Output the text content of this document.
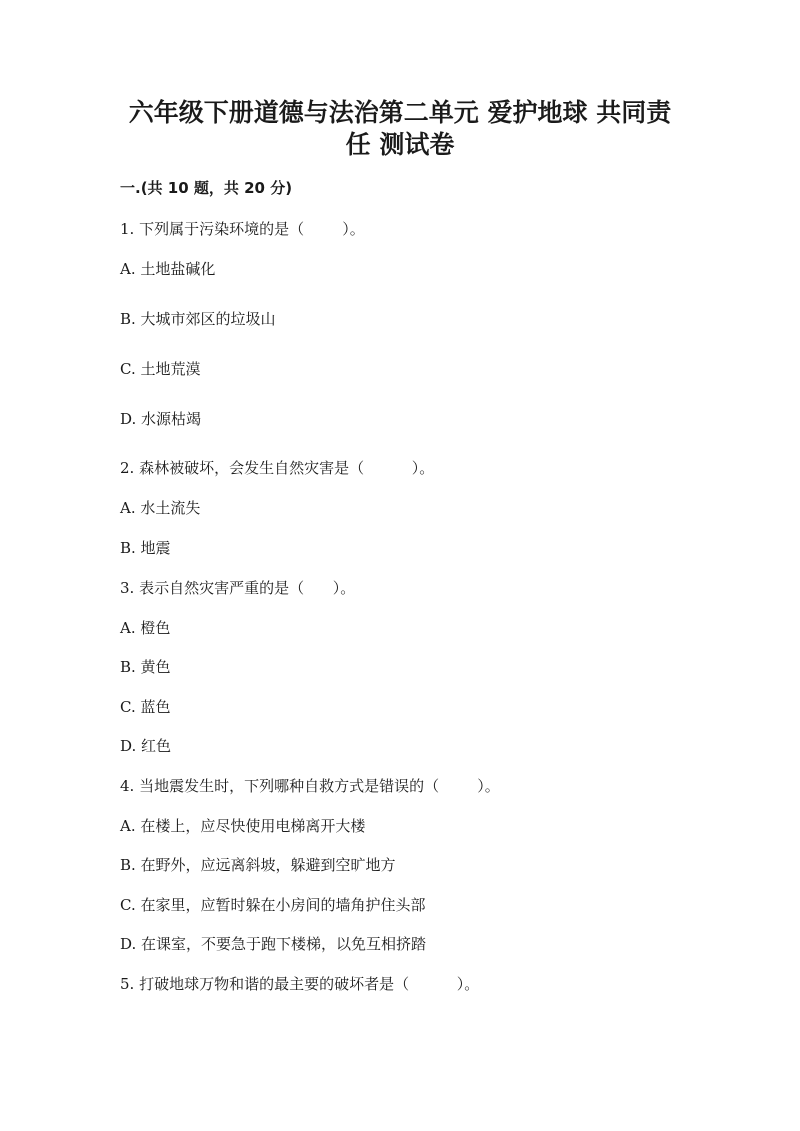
六年级下册道德与法治第二单元 爱护地球 共同责
任 测试卷
一.(共 10 题，共 20 分)
1. 下列属于污染环境的是（        ）。
A. 土地盐碱化
B. 大城市郊区的垃圾山
C. 土地荒漠
D. 水源枯竭
2. 森林被破坏，会发生自然灾害是（          ）。
A. 水土流失
B. 地震
3. 表示自然灾害严重的是（      ）。
A. 橙色
B. 黄色
C. 蓝色
D. 红色
4. 当地震发生时，下列哪种自救方式是错误的（        ）。
A. 在楼上，应尽快使用电梯离开大楼
B. 在野外，应远离斜坡，躲避到空旷地方
C. 在家里，应暂时躲在小房间的墙角护住头部
D. 在课室，不要急于跑下楼梯，以免互相挤踏
5. 打破地球万物和谐的最主要的破坏者是（          ）。
